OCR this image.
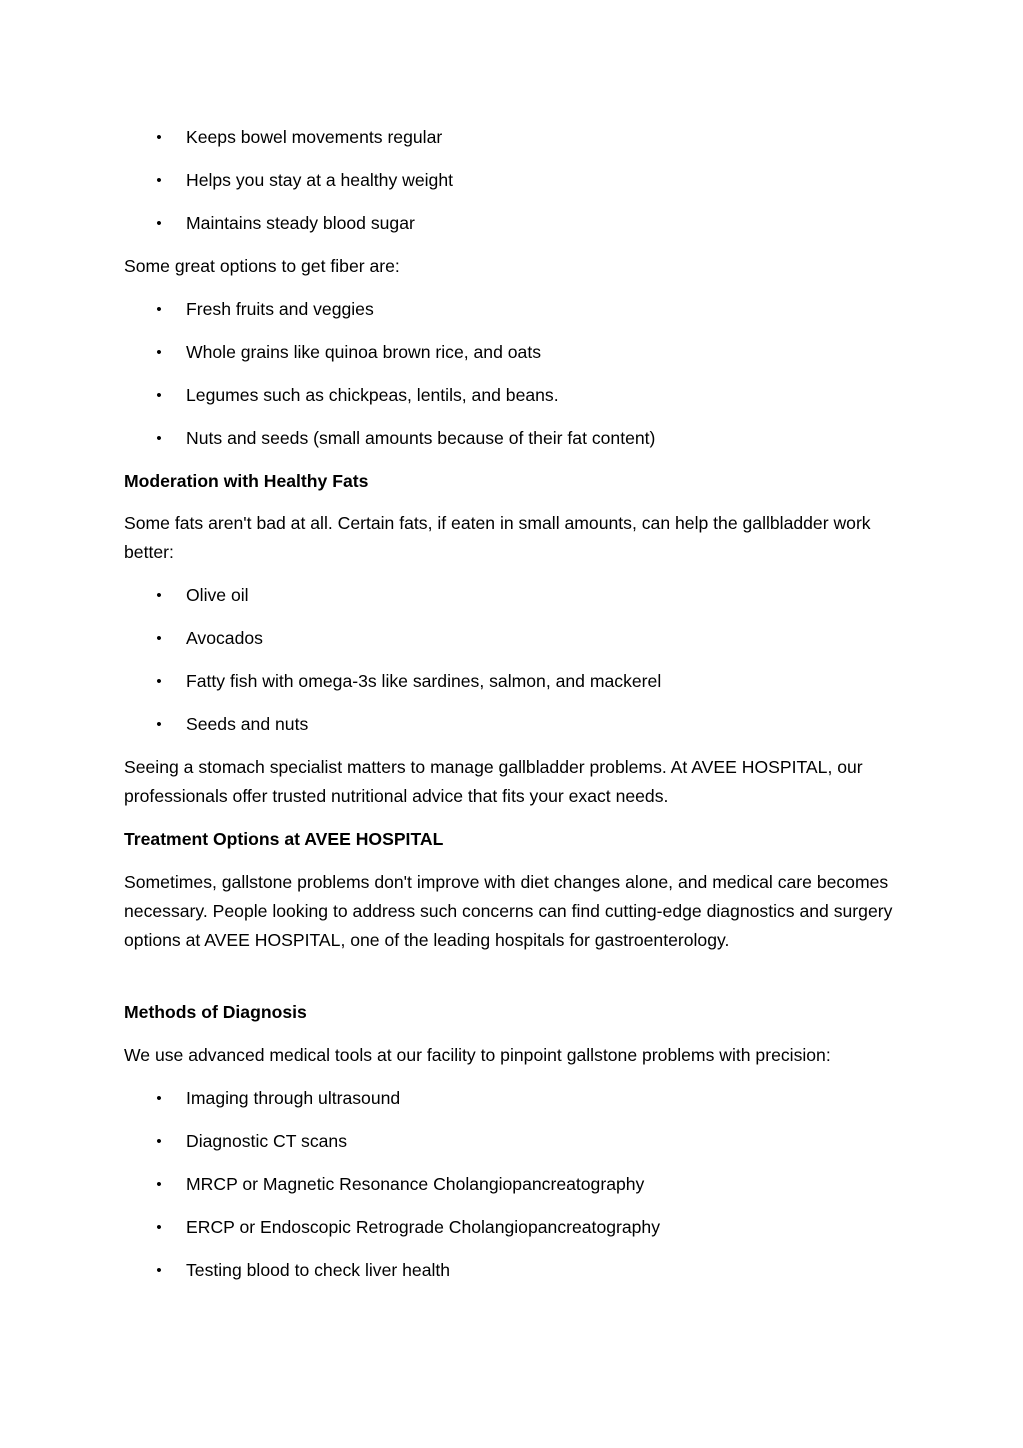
• Keeps bowel movements regular
• Helps you stay at a healthy weight
• Maintains steady blood sugar

Some great options to get fiber are:

• Fresh fruits and veggies
• Whole grains like quinoa brown rice, and oats
• Legumes such as chickpeas, lentils, and beans.
• Nuts and seeds (small amounts because of their fat content)

Moderation with Healthy Fats

Some fats aren't bad at all. Certain fats, if eaten in small amounts, can help the gallbladder work better:

• Olive oil
• Avocados
• Fatty fish with omega-3s like sardines, salmon, and mackerel
• Seeds and nuts

Seeing a stomach specialist matters to manage gallbladder problems. At AVEE HOSPITAL, our professionals offer trusted nutritional advice that fits your exact needs.

Treatment Options at AVEE HOSPITAL

Sometimes, gallstone problems don't improve with diet changes alone, and medical care becomes necessary. People looking to address such concerns can find cutting-edge diagnostics and surgery options at AVEE HOSPITAL, one of the leading hospitals for gastroenterology.

Methods of Diagnosis

We use advanced medical tools at our facility to pinpoint gallstone problems with precision:

• Imaging through ultrasound
• Diagnostic CT scans
• MRCP or Magnetic Resonance Cholangiopancreatography
• ERCP or Endoscopic Retrograde Cholangiopancreatography
• Testing blood to check liver health
